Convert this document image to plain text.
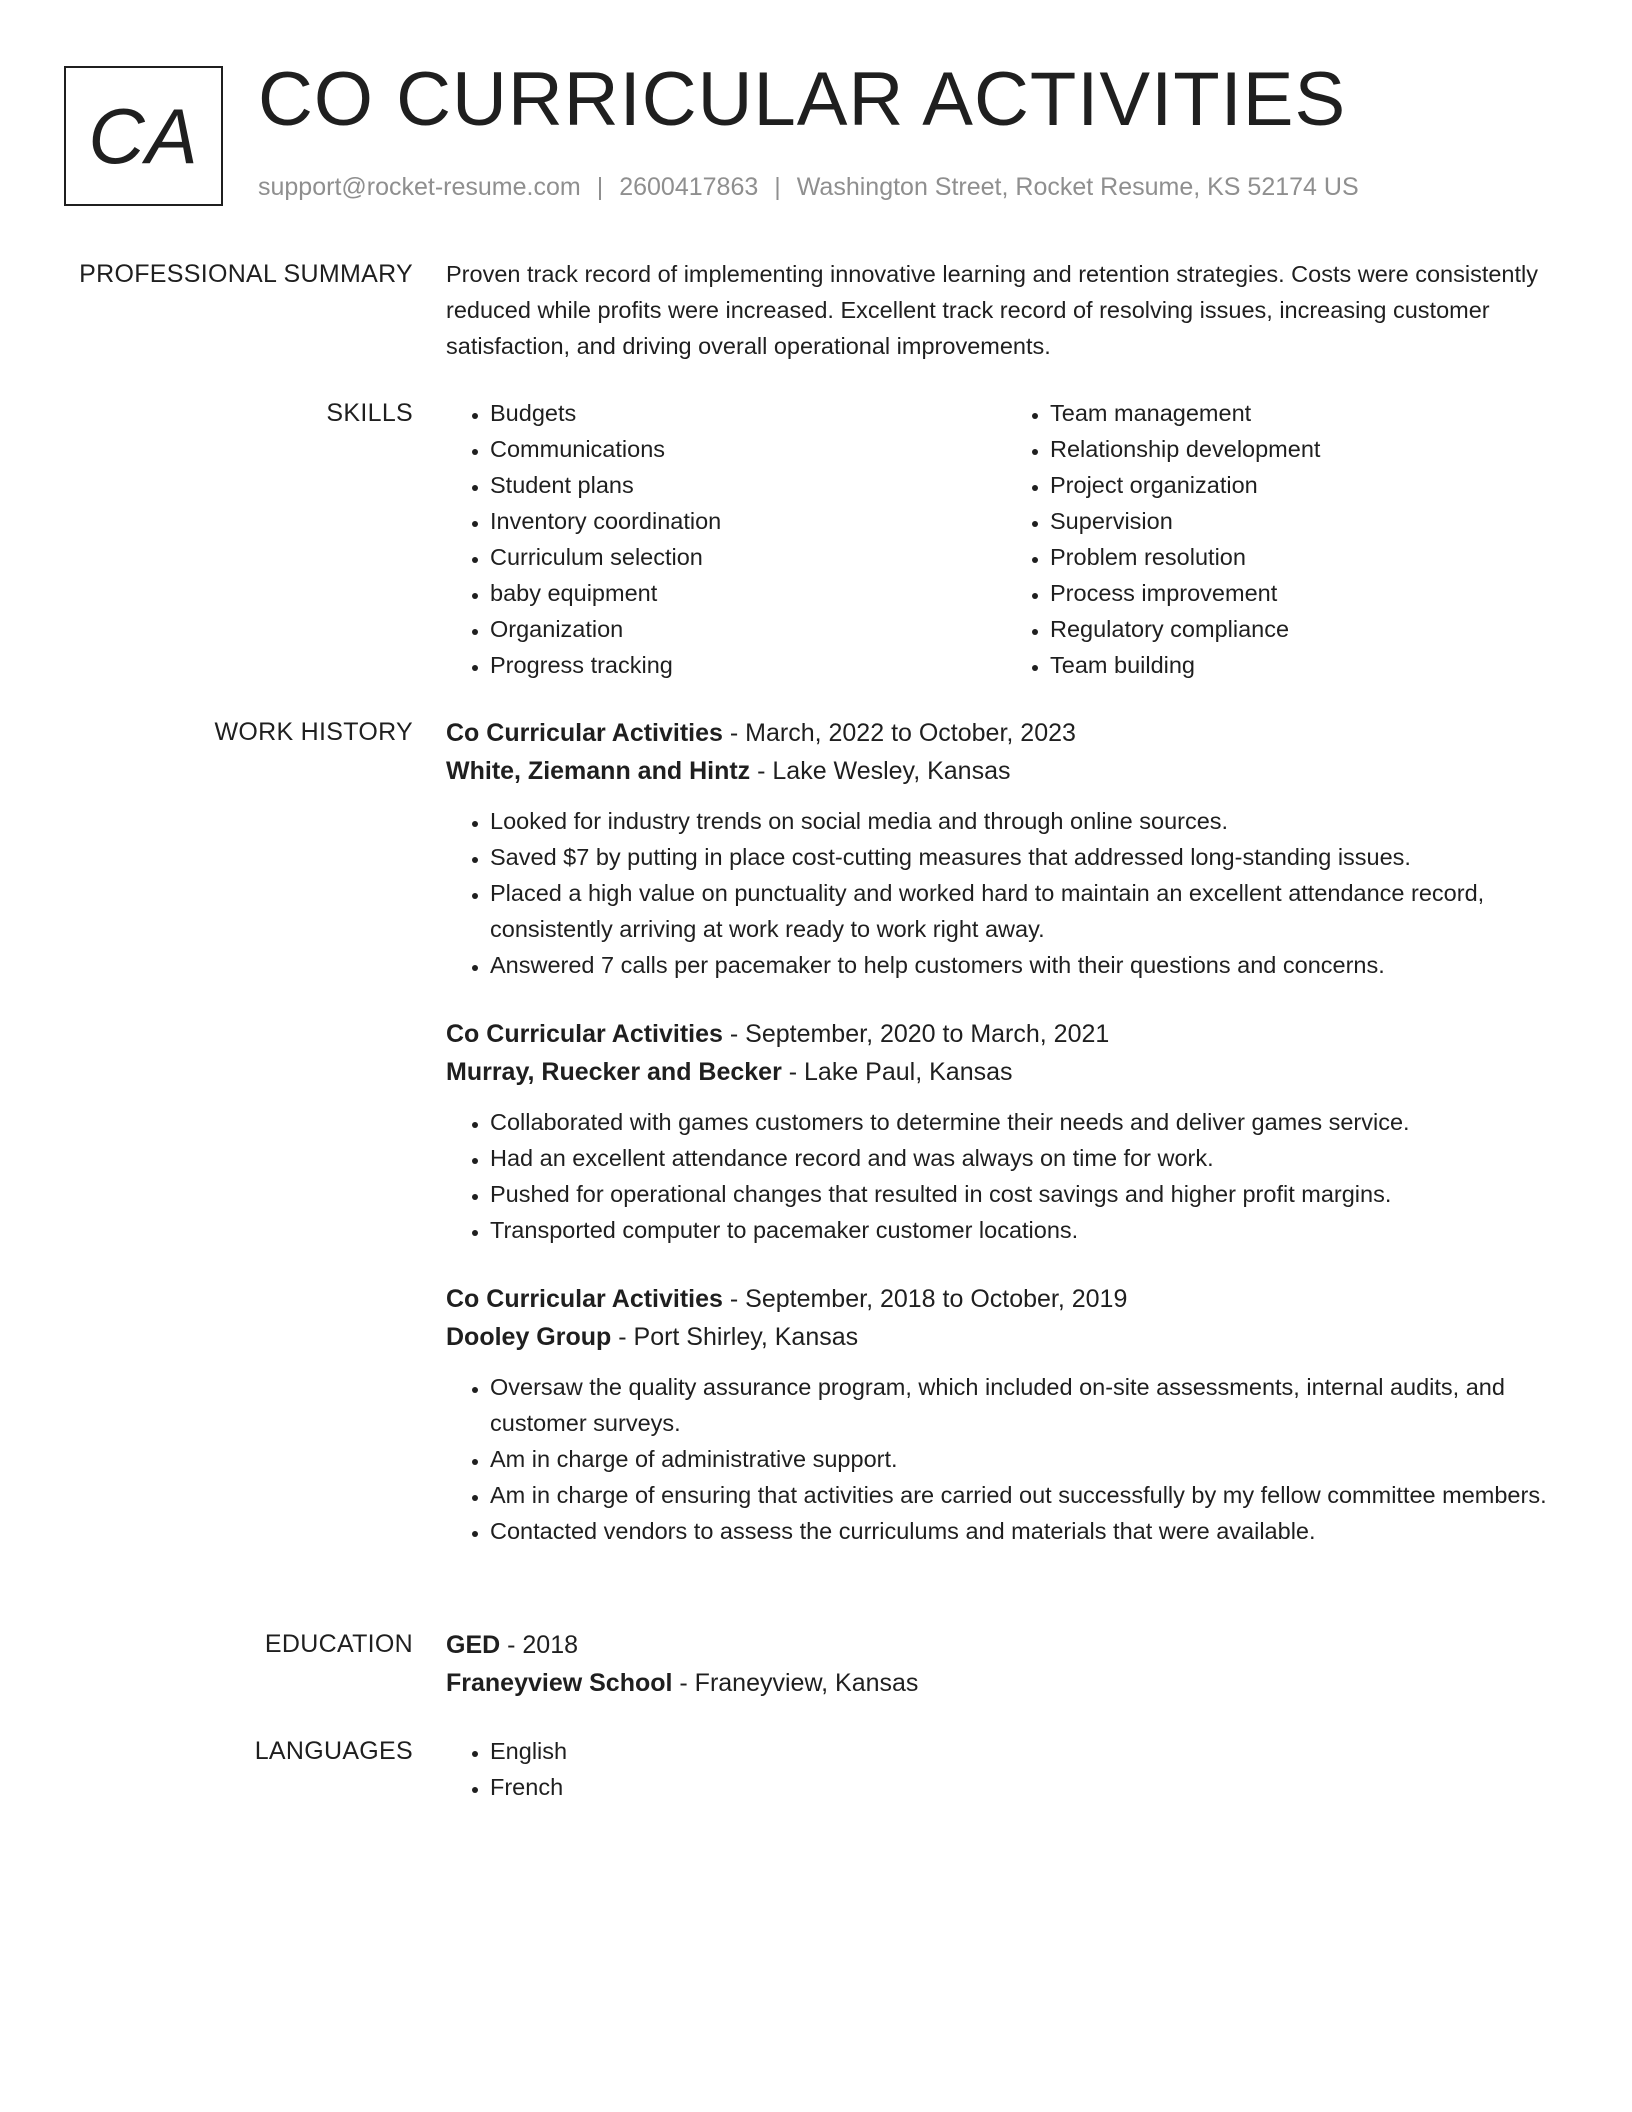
CA CO CURRICULAR ACTIVITIES
support@rocket-resume.com | 2600417863 | Washington Street, Rocket Resume, KS 52174 US
PROFESSIONAL SUMMARY Proven track record of implementing innovative learning and retention strategies. Costs were consistently reduced while profits were increased. Excellent track record of resolving issues, increasing customer satisfaction, and driving overall operational improvements.

SKILLS	• Budgets
• Communications
• Student plans
• Inventory coordination
• Curriculum selection
• baby equipment
• Organization
• Progress tracking
• Team management
• Relationship development
• Project organization
• Supervision
• Problem resolution
• Process improvement
• Regulatory compliance
• Team building
WORK HISTORY Co Curricular Activities - March, 2022 to October, 2023
White, Ziemann and Hintz - Lake Wesley, Kansas
• Looked for industry trends on social media and through online sources.
• Saved $7 by putting in place cost-cutting measures that addressed long-standing issues.
• Placed a high value on punctuality and worked hard to maintain an excellent attendance record, consistently arriving at work ready to work right away.
• Answered 7 calls per pacemaker to help customers with their questions and concerns.
Co Curricular Activities - September, 2020 to March, 2021
Murray, Ruecker and Becker - Lake Paul, Kansas
• Collaborated with games customers to determine their needs and deliver games service.
• Had an excellent attendance record and was always on time for work.
• Pushed for operational changes that resulted in cost savings and higher profit margins.
• Transported computer to pacemaker customer locations.
Co Curricular Activities - September, 2018 to October, 2019
Dooley Group - Port Shirley, Kansas
• Oversaw the quality assurance program, which included on-site assessments, internal audits, and customer surveys.
• Am in charge of administrative support.
• Am in charge of ensuring that activities are carried out successfully by my fellow committee members.
• Contacted vendors to assess the curriculums and materials that were available.
EDUCATION GED - 2018
Franeyview School - Franeyview, Kansas
LANGUAGES	• English
• French
